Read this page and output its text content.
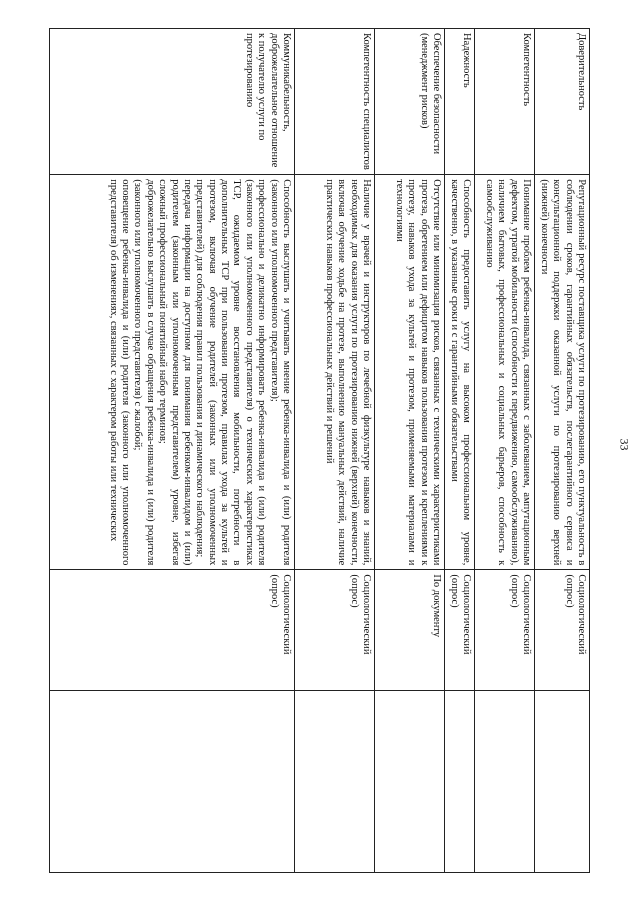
33
Доверительность	Репутационный ресурс поставщика услуги по протезированию, его пунктуальность в соблюдении сроков, гарантийных обязательств, послегарантийного сервиса и консультационной поддержки оказанной услуги по протезированию верхней (нижней) конечности	Социологический (опрос)	
Компетентность	Понимание проблем ребенка-инвалида, связанных с заболеванием, ампутационным дефектом, утратой мобильности (способности к передвижению, самообслуживанию), наличием бытовых, профессиональных и социальных барьеров, способность к самообслуживанию	Социологический (опрос)	
Надежность	Способность предоставить услугу на высоком профессиональном уровне, качественно, в указанные сроки и с гарантийными обязательствами	Социологический (опрос)	
Обеспечение безопасности (менеджмент рисков)	Отсутствие или минимизация рисков, связанных с техническими характеристиками протеза, обретением или дефицитом навыков пользования протезом и креплениями к протезу, навыков ухода за культей и протезом, применяемыми материалами и технологиями	По документу	
Компетентность специалистов	Наличие у врачей и инструкторов по лечебной физкультуре навыков и знаний, необходимых для оказания услуги по протезированию нижней (верхней) конечности, включая обучение ходьбе на протезе, выполнению мануальных действий, наличие практических навыков профессиональных действий и решений	Социологический (опрос)	
Коммуникабельность, доброжелательное отношение к получателю услуги по протезированию	Способность выслушать и учитывать мнение ребенка-инвалида и (или) родителя (законного или уполномоченного представителя);
профессионально и деликатно информировать ребенка-инвалида и (или) родителя (законного или уполномоченного представителя) о технических характеристиках ТСР, ожидаемом уровне восстановления мобильности, потребности в дополнительных ТСР при пользовании протезом, правилах ухода за культей и протезом, включая обучение родителей (законных или уполномоченных представителей) для соблюдения правил пользования и динамического наблюдения;
передача информации на доступном для понимания ребенком-инвалидом и (или) родителем (законным или уполномоченным представителем) уровне, избегая сложный профессиональный понятийный набор терминов;
доброжелательно выслушать в случае обращения ребенка-инвалида и (или) родителя (законного или уполномоченного представителя) с жалобой;
оповещение ребенка-инвалида и (или) родителя (законного или уполномоченного представителя) об изменениях, связанных с характером работы или технических	Социологический (опрос)	
